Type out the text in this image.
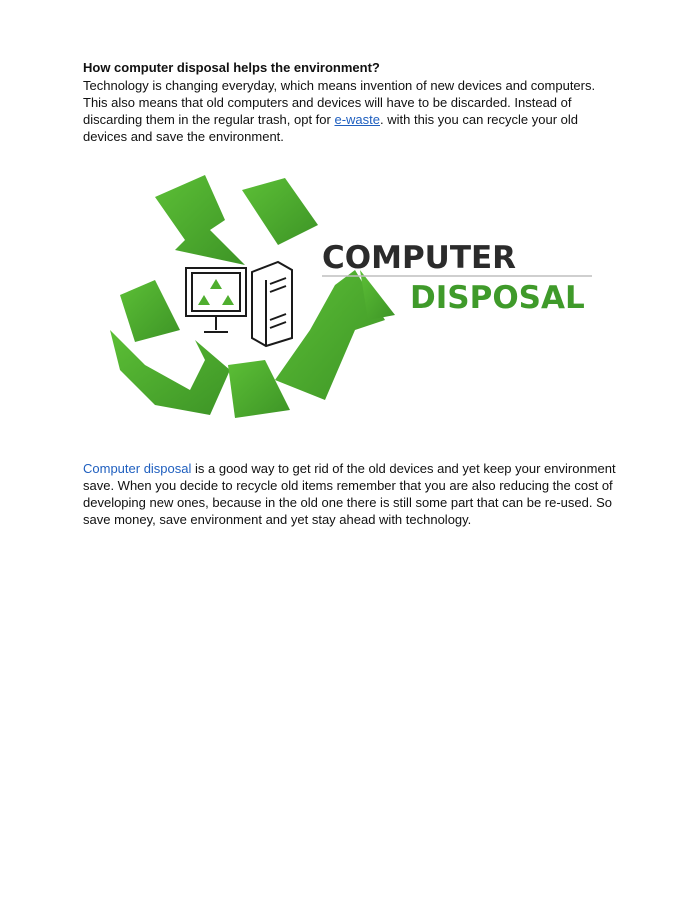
How computer disposal helps the environment?

Technology is changing everyday, which means invention of new devices and computers. This also means that old computers and devices will have to be discarded. Instead of discarding them in the regular trash, opt for e-waste. with this you can recycle your old devices and save the environment.

COMPUTER
DISPOSAL

Computer disposal is a good way to get rid of the old devices and yet keep your environment save. When you decide to recycle old items remember that you are also reducing the cost of developing new ones, because in the old one there is still some part that can be re-used. So save money, save environment and yet stay ahead with technology.
